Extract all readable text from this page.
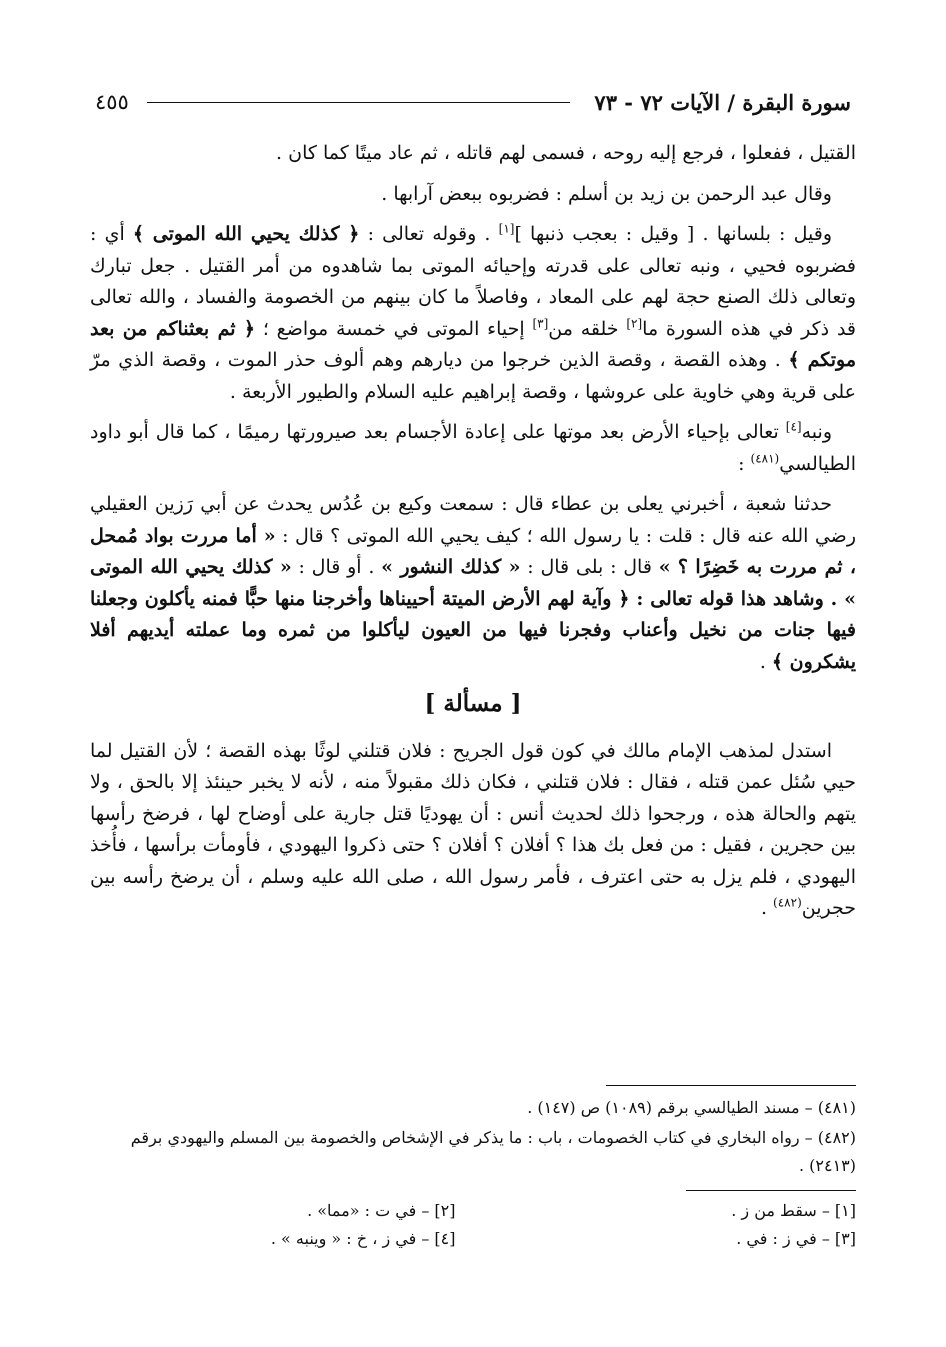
سورة البقرة / الآيات ٧٢ - ٧٣
٤٥٥

القتيل ، ففعلوا ، فرجع إليه روحه ، فسمى لهم قاتله ، ثم عاد ميتًا كما كان .

وقال عبد الرحمن بن زيد بن أسلم : فضربوه ببعض آرابها .

وقيل : بلسانها . [ وقيل : بعجب ذنبها ][١] . وقوله تعالى : ﴿ كذلك يحيي الله الموتى ﴾ أي : فضربوه فحيي ، ونبه تعالى على قدرته وإحيائه الموتى بما شاهدوه من أمر القتيل . جعل تبارك وتعالى ذلك الصنع حجة لهم على المعاد ، وفاصلاً ما كان بينهم من الخصومة والفساد ، والله تعالى قد ذكر في هذه السورة ما[٢] خلقه من[٣] إحياء الموتى في خمسة مواضع ؛ ﴿ ثم بعثناكم من بعد موتكم ﴾ . وهذه القصة ، وقصة الذين خرجوا من ديارهم وهم ألوف حذر الموت ، وقصة الذي مرّ على قرية وهي خاوية على عروشها ، وقصة إبراهيم عليه السلام والطيور الأربعة .

ونبه[٤] تعالى بإحياء الأرض بعد موتها على إعادة الأجسام بعد صيرورتها رميمًا ، كما قال أبو داود الطيالسي$^{(٤٨١)}$ :

حدثنا شعبة ، أخبرني يعلى بن عطاء قال : سمعت وكيع بن عُدُس يحدث عن أبي رَزين العقيلي رضي الله عنه قال : قلت : يا رسول الله ؛ كيف يحيي الله الموتى ؟ قال : « أما مررت بواد مُمحل ، ثم مررت به خَضِرًا ؟ » قال : بلى قال : « كذلك النشور » . أو قال : « كذلك يحيي الله الموتى » . وشاهد هذا قوله تعالى : ﴿ وآية لهم الأرض الميتة أحييناها وأخرجنا منها حبًّا فمنه يأكلون وجعلنا فيها جنات من نخيل وأعناب وفجرنا فيها من العيون ليأكلوا من ثمره وما عملته أيديهم أفلا يشكرون ﴾ .

[ مسألة ]

استدل لمذهب الإمام مالك في كون قول الجريح : فلان قتلني لوثًا بهذه القصة ؛ لأن القتيل لما حيي سُئل عمن قتله ، فقال : فلان قتلني ، فكان ذلك مقبولاً منه ، لأنه لا يخبر حينئذ إلا بالحق ، ولا يتهم والحالة هذه ، ورجحوا ذلك لحديث أنس : أن يهوديًا قتل جارية على أوضاح لها ، فرضخ رأسها بين حجرين ، فقيل : من فعل بك هذا ؟ أفلان ؟ أفلان ؟ حتى ذكروا اليهودي ، فأومأت برأسها ، فأُخذ اليهودي ، فلم يزل به حتى اعترف ، فأمر رسول الله ، صلى الله عليه وسلم ، أن يرضخ رأسه بين حجرين$^{(٤٨٢)}$ .

(٤٨١) – مسند الطيالسي برقم (١٠٨٩) ص (١٤٧) .

(٤٨٢) – رواه البخاري في كتاب الخصومات ، باب : ما يذكر في الإشخاص والخصومة بين المسلم واليهودي برقم (٢٤١٣) .

[١] – سقط من ز .
[٢] – في ت : «مما» .
[٣] – في ز : في .
[٤] – في ز ، خ : « وينبه » .
